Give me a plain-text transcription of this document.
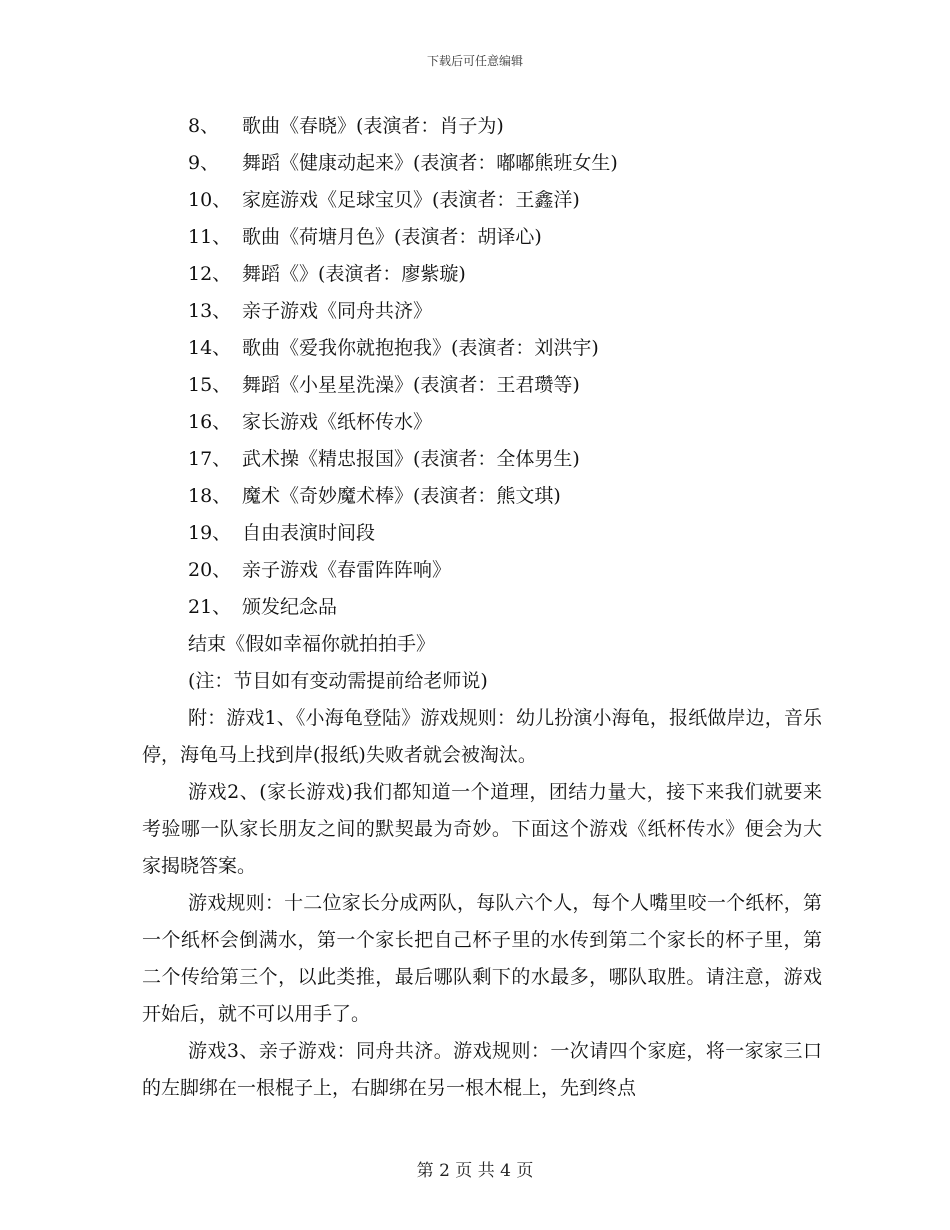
下载后可任意编辑
8、 歌曲《春晓》(表演者：肖子为)
9、 舞蹈《健康动起来》(表演者：嘟嘟熊班女生)
10、 家庭游戏《足球宝贝》(表演者：王鑫洋)
11、 歌曲《荷塘月色》(表演者：胡译心)
12、 舞蹈《》(表演者：廖紫璇)
13、 亲子游戏《同舟共济》
14、 歌曲《爱我你就抱抱我》(表演者：刘洪宇)
15、 舞蹈《小星星洗澡》(表演者：王君瓒等)
16、 家长游戏《纸杯传水》
17、 武术操《精忠报国》(表演者：全体男生)
18、 魔术《奇妙魔术棒》(表演者：熊文琪)
19、 自由表演时间段
20、 亲子游戏《春雷阵阵响》
21、 颁发纪念品
结束《假如幸福你就拍拍手》
(注：节目如有变动需提前给老师说)

附：游戏1、《小海龟登陆》游戏规则：幼儿扮演小海龟，报纸做岸边，音乐停，海龟马上找到岸(报纸)失败者就会被淘汰。

游戏2、(家长游戏)我们都知道一个道理，团结力量大，接下来我们就要来考验哪一队家长朋友之间的默契最为奇妙。下面这个游戏《纸杯传水》便会为大家揭晓答案。

游戏规则：十二位家长分成两队，每队六个人，每个人嘴里咬一个纸杯，第一个纸杯会倒满水，第一个家长把自己杯子里的水传到第二个家长的杯子里，第二个传给第三个，以此类推，最后哪队剩下的水最多，哪队取胜。请注意，游戏开始后，就不可以用手了。

游戏3、亲子游戏：同舟共济。游戏规则：一次请四个家庭，将一家家三口的左脚绑在一根棍子上，右脚绑在另一根木棍上，先到终点

第 2 页 共 4 页
